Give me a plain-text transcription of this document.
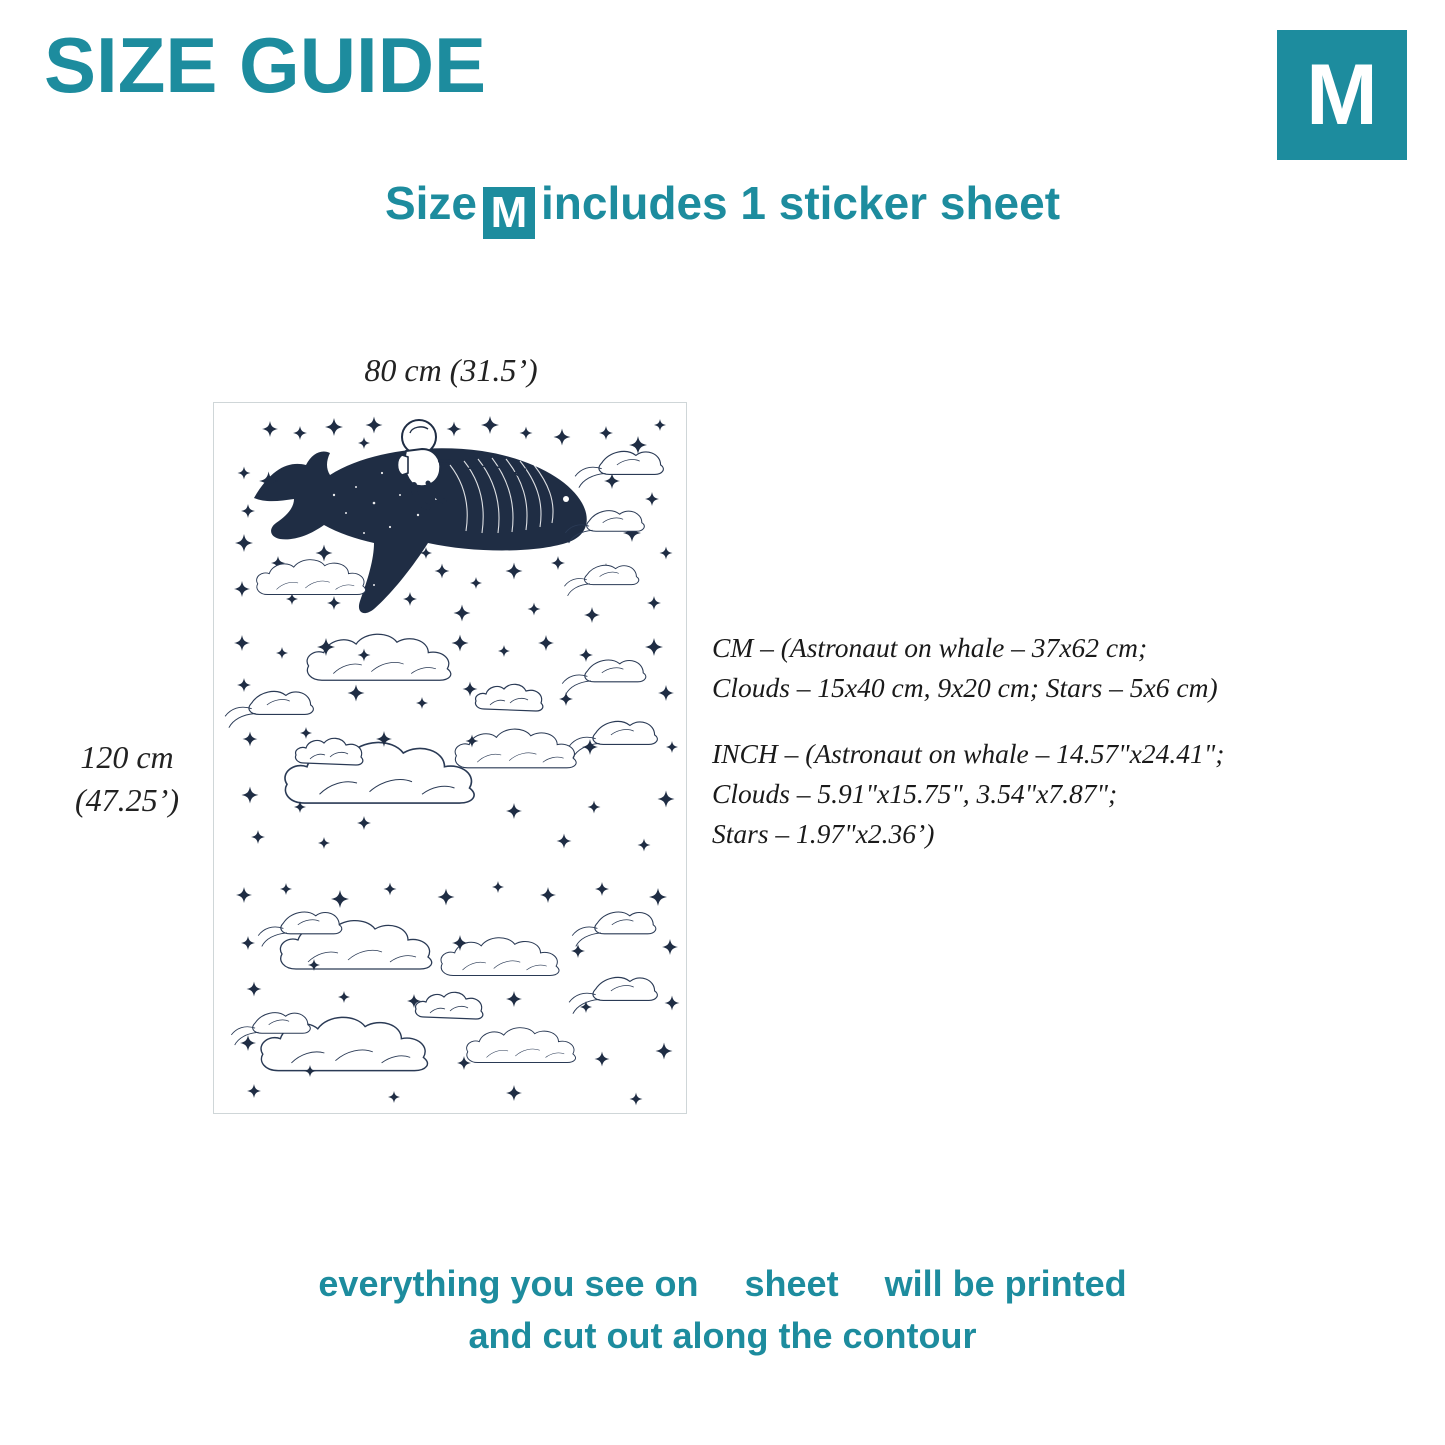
SIZE GUIDE	M
Size M includes 1 sticker sheet
80 cm (31.5’)
120 cm
(47.25’)
CM – (Astronaut on whale – 37x62 cm;
Clouds – 15x40 cm, 9x20 cm; Stars – 5x6 cm)
INCH – (Astronaut on whale – 14.57"x24.41";
Clouds – 5.91"x15.75", 3.54"x7.87";
Stars – 1.97"x2.36’)
everything you see on sheet will be printed
and cut out along the contour
